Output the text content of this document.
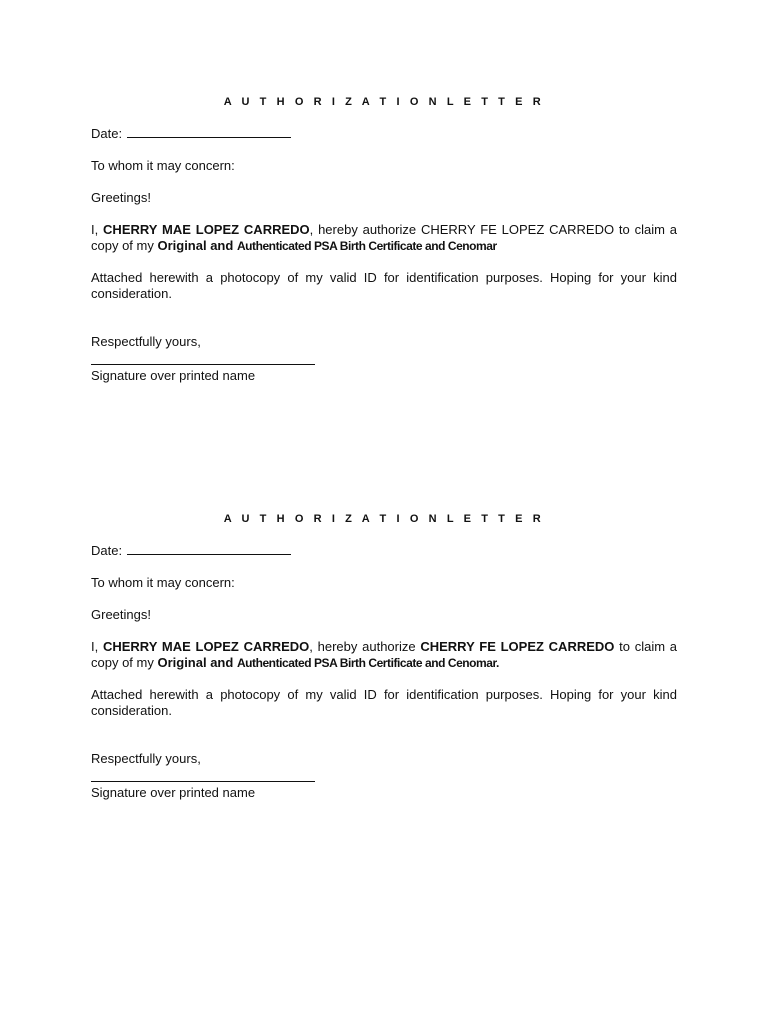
A U T H O R I Z A T I O N L E T T E R

Date:

To whom it may concern:

Greetings!

I, CHERRY MAE LOPEZ CARREDO, hereby authorize CHERRY FE LOPEZ CARREDO to claim a copy of my Original and Authenticated PSA Birth Certificate and Cenomar

Attached herewith a photocopy of my valid ID for identification purposes. Hoping for your kind consideration.

Respectfully yours,

Signature over printed name

A U T H O R I Z A T I O N L E T T E R

Date:

To whom it may concern:

Greetings!

I, CHERRY MAE LOPEZ CARREDO, hereby authorize CHERRY FE LOPEZ CARREDO to claim a copy of my Original and Authenticated PSA Birth Certificate and Cenomar.

Attached herewith a photocopy of my valid ID for identification purposes. Hoping for your kind consideration.

Respectfully yours,

Signature over printed name
